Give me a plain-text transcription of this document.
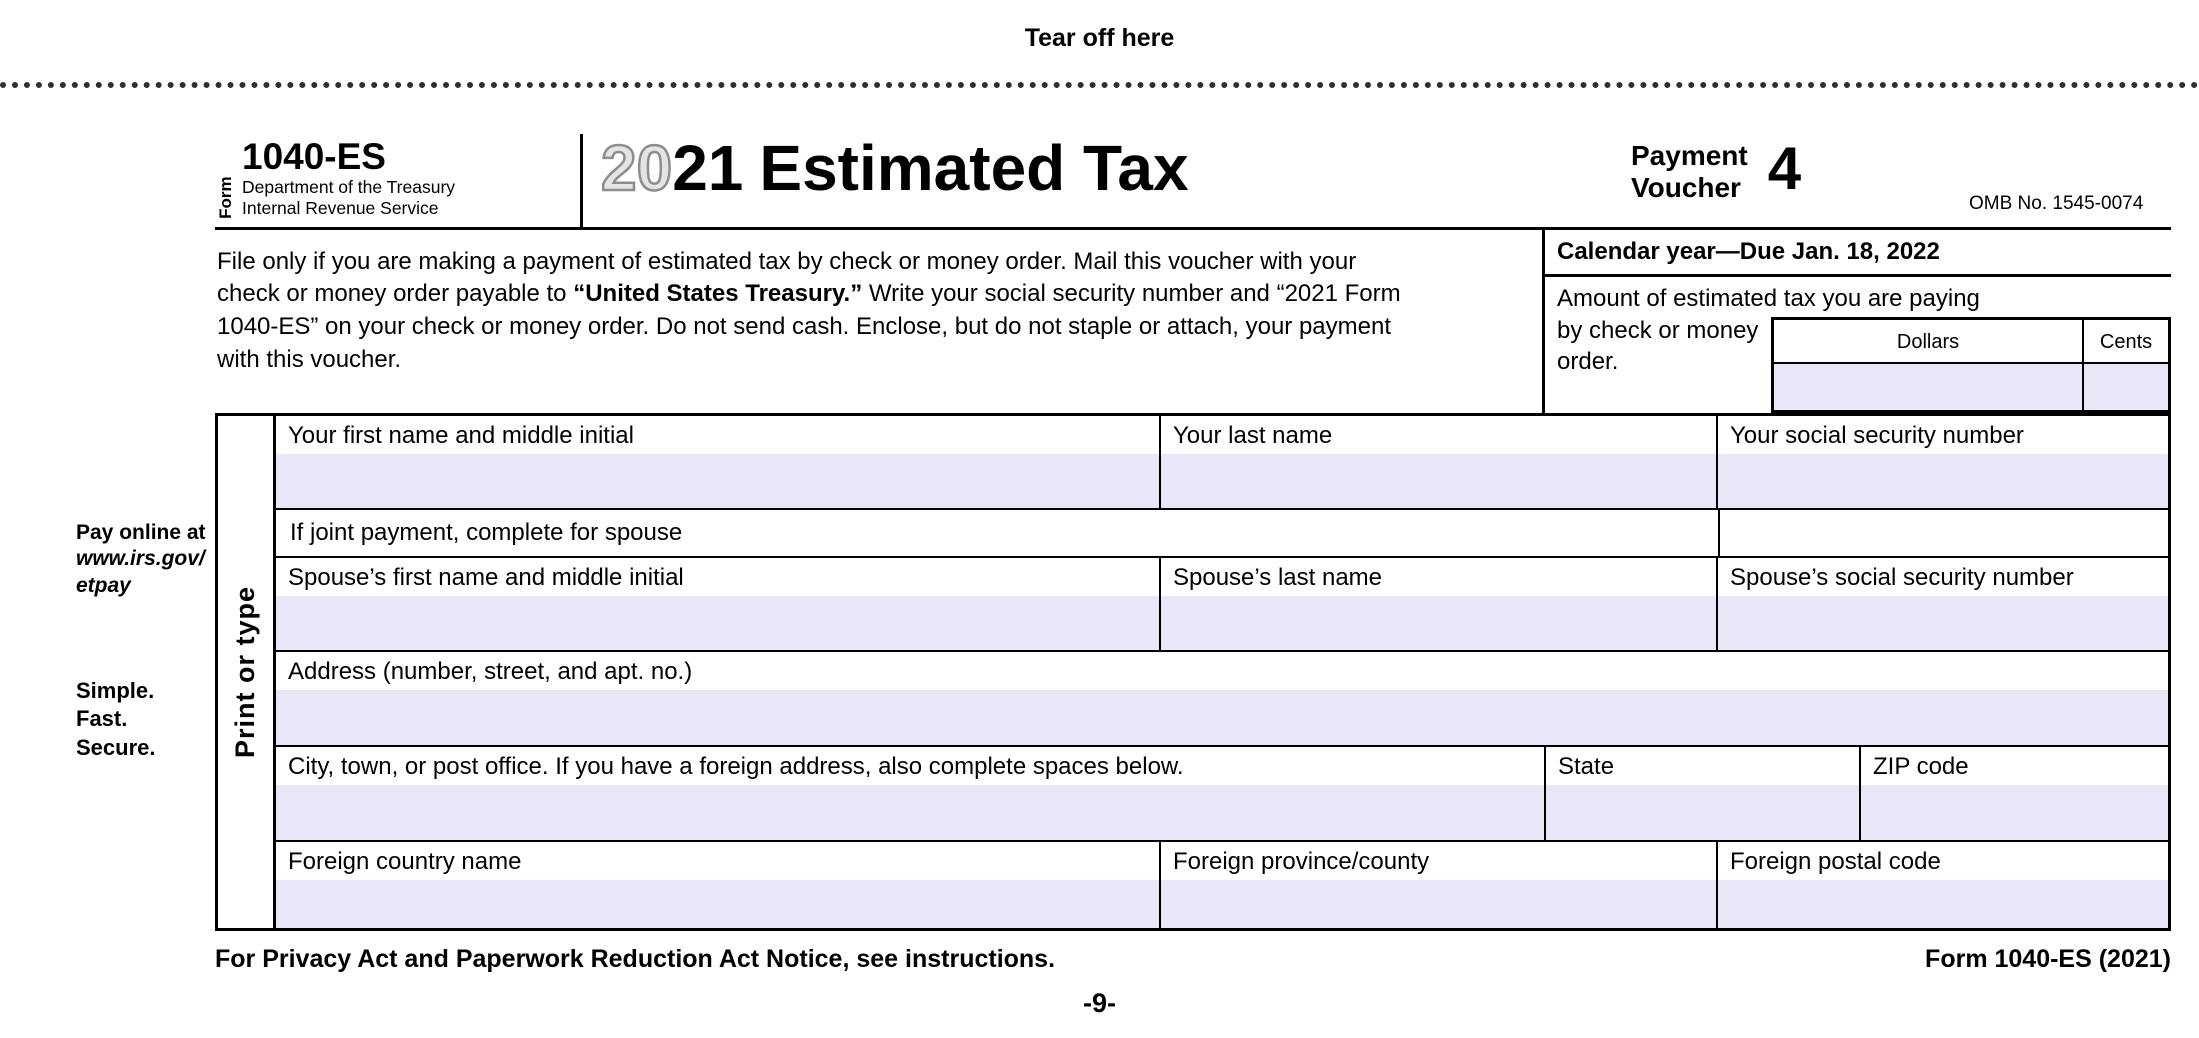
Tear off here
Pay online at
www.irs.gov/
etpay
Simple.
Fast.
Secure.
Form
1040-ES
Department of the Treasury
Internal Revenue Service
2021 Estimated Tax	Payment
Voucher 4
OMB No. 1545-0074
File only if you are making a payment of estimated tax by check or money order. Mail this voucher with your check or money order payable to “United States Treasury.” Write your social security number and “2021 Form 1040-ES” on your check or money order. Do not send cash. Enclose, but do not staple or attach, your payment with this voucher.
Calendar year—Due Jan. 18, 2022
Dollars	Cents
Amount of estimated tax you are paying by check or money order.
Print or type
Your first name and middle initial	Your last name	Your social security number
If joint payment, complete for spouse
Spouse’s first name and middle initial	Spouse’s last name	Spouse’s social security number
Address (number, street, and apt. no.)
City, town, or post office. If you have a foreign address, also complete spaces below.	State	ZIP code
Foreign country name	Foreign province/county	Foreign postal code
For Privacy Act and Paperwork Reduction Act Notice, see instructions.	Form 1040-ES (2021)
-9-
